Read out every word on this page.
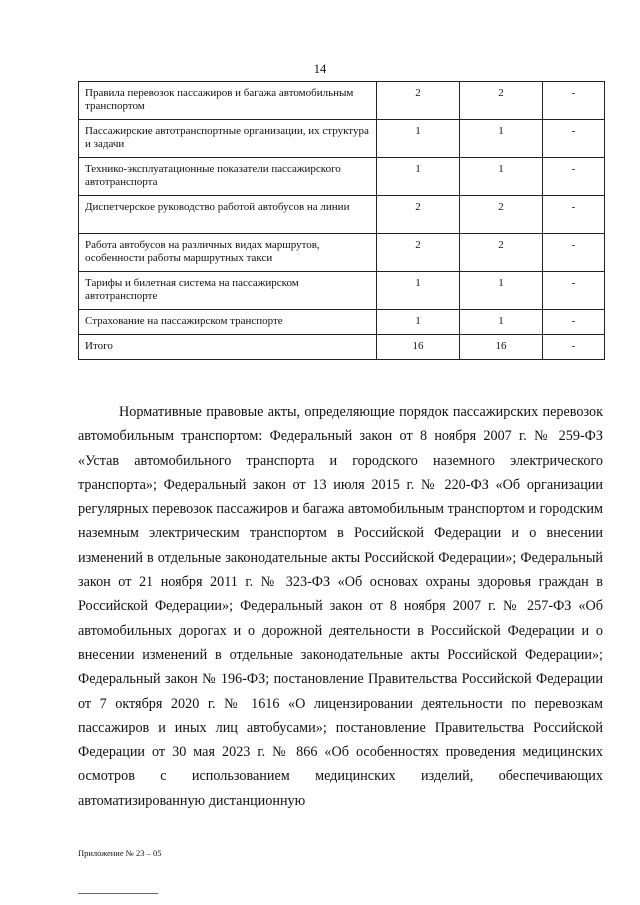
14
Правила перевозок пассажиров и багажа автомобильным транспортом	2	2	-
Пассажирские автотранспортные организации, их структура и задачи	1	1	-
Технико-эксплуатационные показатели пассажирского автотранспорта	1	1	-
Диспетчерское руководство работой автобусов на линии	2	2	-
Работа автобусов на различных видах маршрутов, особенности работы маршрутных такси	2	2	-
Тарифы и билетная система на пассажирском автотранспорте	1	1	-
Страхование на пассажирском транспорте	1	1	-
Итого	16	16	-

Нормативные правовые акты, определяющие порядок пассажирских перевозок автомобильным транспортом: Федеральный закон от 8 ноября 2007 г. № 259-ФЗ «Устав автомобильного транспорта и городского наземного электрического транспорта»; Федеральный закон от 13 июля 2015 г. № 220-ФЗ «Об организации регулярных перевозок пассажиров и багажа автомобильным транспортом и городским наземным электрическим транспортом в Российской Федерации и о внесении изменений в отдельные законодательные акты Российской Федерации»; Федеральный закон от 21 ноября 2011 г. № 323-ФЗ «Об основах охраны здоровья граждан в Российской Федерации»; Федеральный закон от 8 ноября 2007 г. № 257-ФЗ «Об автомобильных дорогах и о дорожной деятельности в Российской Федерации и о внесении изменений в отдельные законодательные акты Российской Федерации»; Федеральный закон № 196-ФЗ; постановление Правительства Российской Федерации от 7 октября 2020 г. № 1616 «О лицензировании деятельности по перевозкам пассажиров и иных лиц автобусами»; постановление Правительства Российской Федерации от 30 мая 2023 г. № 866 «Об особенностях проведения медицинских осмотров с использованием медицинских изделий, обеспечивающих автоматизированную дистанционную

Приложение № 23 – 05
